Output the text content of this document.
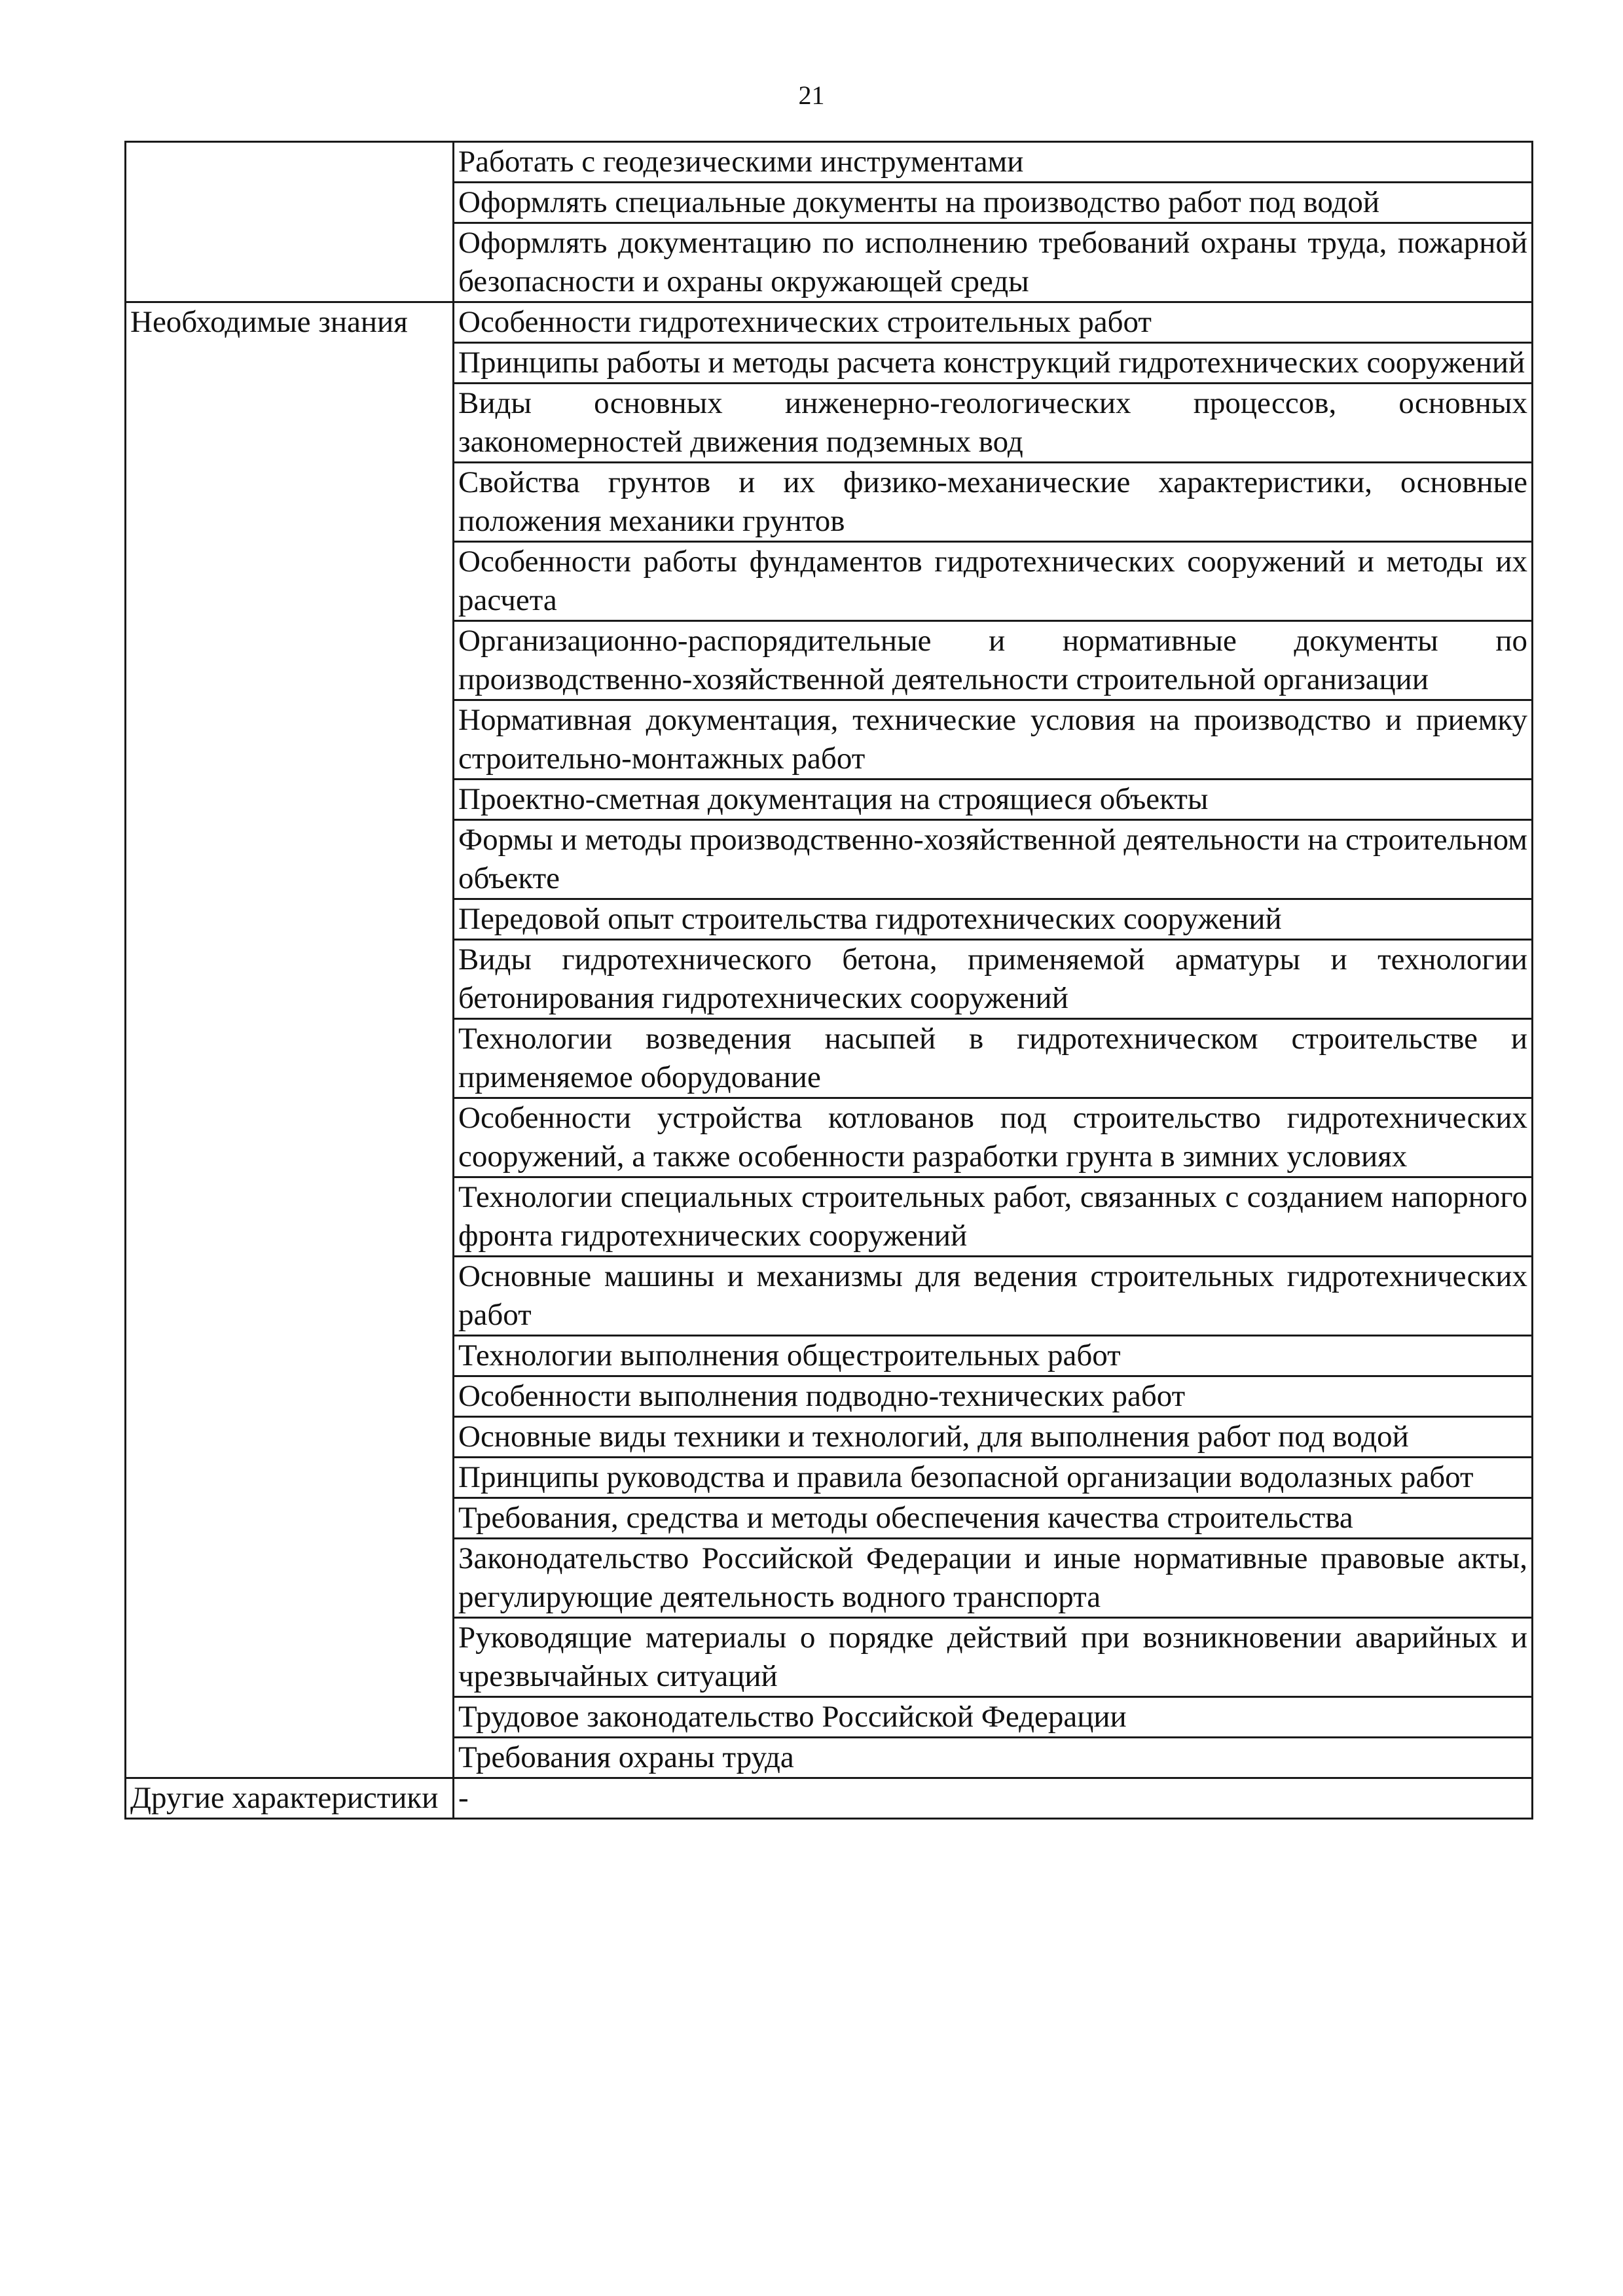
21

	Работать с геодезическими инструментами

	Оформлять специальные документы на производство работ под водой

	Оформлять документацию по исполнению требований охраны труда, пожарной безопасности и охраны окружающей среды

Необходимые знания	Особенности гидротехнических строительных работ

	Принципы работы и методы расчета конструкций гидротехнических сооружений

	Виды основных инженерно-геологических процессов, основных закономерностей движения подземных вод

	Свойства грунтов и их физико-механические характеристики, основные положения механики грунтов

	Особенности работы фундаментов гидротехнических сооружений и методы их расчета

	Организационно-распорядительные и нормативные документы по производственно-хозяйственной деятельности строительной организации

	Нормативная документация, технические условия на производство и приемку строительно-монтажных работ

	Проектно-сметная документация на строящиеся объекты

	Формы и методы производственно-хозяйственной деятельности на строительном объекте

	Передовой опыт строительства гидротехнических сооружений

	Виды гидротехнического бетона, применяемой арматуры и технологии бетонирования гидротехнических сооружений

	Технологии возведения насыпей в гидротехническом строительстве и применяемое оборудование

	Особенности устройства котлованов под строительство гидротехнических сооружений, а также особенности разработки грунта в зимних условиях

	Технологии специальных строительных работ, связанных с созданием напорного фронта гидротехнических сооружений

	Основные машины и механизмы для ведения строительных гидротехнических работ

	Технологии выполнения общестроительных работ

	Особенности выполнения подводно-технических работ

	Основные виды техники и технологий, для выполнения работ под водой

	Принципы руководства и правила безопасной организации водолазных работ

	Требования, средства и методы обеспечения качества строительства

	Законодательство Российской Федерации и иные нормативные правовые акты, регулирующие деятельность водного транспорта

	Руководящие материалы о порядке действий при возникновении аварийных и чрезвычайных ситуаций

	Трудовое законодательство Российской Федерации

	Требования охраны труда

Другие характеристики	-
